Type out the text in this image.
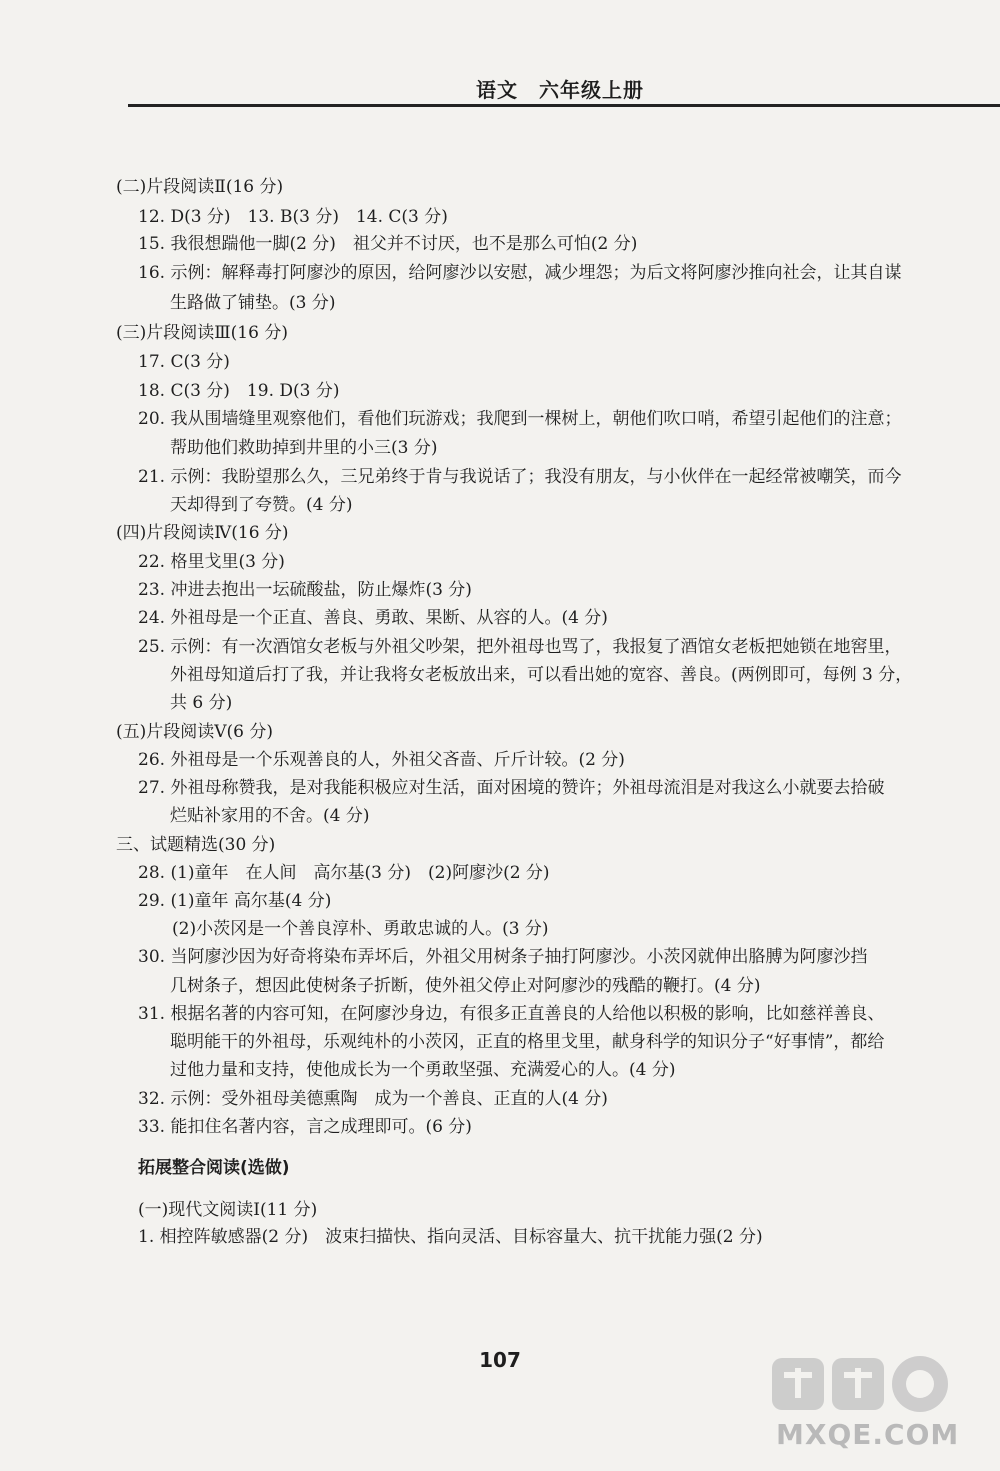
语文　六年级上册
(二)片段阅读Ⅱ(16 分)
12. D(3 分)　13. B(3 分)　14. C(3 分)
15. 我很想踹他一脚(2 分)　祖父并不讨厌，也不是那么可怕(2 分)
16. 示例：解释毒打阿廖沙的原因，给阿廖沙以安慰，减少埋怨；为后文将阿廖沙推向社会，让其自谋
生路做了铺垫。(3 分)
(三)片段阅读Ⅲ(16 分)
17. C(3 分)
18. C(3 分)　19. D(3 分)
20. 我从围墙缝里观察他们，看他们玩游戏；我爬到一棵树上，朝他们吹口哨，希望引起他们的注意；
帮助他们救助掉到井里的小三(3 分)
21. 示例：我盼望那么久，三兄弟终于肯与我说话了；我没有朋友，与小伙伴在一起经常被嘲笑，而今
天却得到了夸赞。(4 分)
(四)片段阅读Ⅳ(16 分)
22. 格里戈里(3 分)
23. 冲进去抱出一坛硫酸盐，防止爆炸(3 分)
24. 外祖母是一个正直、善良、勇敢、果断、从容的人。(4 分)
25. 示例：有一次酒馆女老板与外祖父吵架，把外祖母也骂了，我报复了酒馆女老板把她锁在地窖里，
外祖母知道后打了我，并让我将女老板放出来，可以看出她的宽容、善良。(两例即可，每例 3 分，
共 6 分)
(五)片段阅读Ⅴ(6 分)
26. 外祖母是一个乐观善良的人，外祖父吝啬、斤斤计较。(2 分)
27. 外祖母称赞我，是对我能积极应对生活，面对困境的赞许；外祖母流泪是对我这么小就要去拾破
烂贴补家用的不舍。(4 分)
三、试题精选(30 分)
28. (1)童年　在人间　高尔基(3 分)　(2)阿廖沙(2 分)
29. (1)童年 高尔基(4 分)
(2)小茨冈是一个善良淳朴、勇敢忠诚的人。(3 分)
30. 当阿廖沙因为好奇将染布弄坏后，外祖父用树条子抽打阿廖沙。小茨冈就伸出胳膊为阿廖沙挡
几树条子，想因此使树条子折断，使外祖父停止对阿廖沙的残酷的鞭打。(4 分)
31. 根据名著的内容可知，在阿廖沙身边，有很多正直善良的人给他以积极的影响，比如慈祥善良、
聪明能干的外祖母，乐观纯朴的小茨冈，正直的格里戈里，献身科学的知识分子“好事情”，都给
过他力量和支持，使他成长为一个勇敢坚强、充满爱心的人。(4 分)
32. 示例：受外祖母美德熏陶　成为一个善良、正直的人(4 分)
33. 能扣住名著内容，言之成理即可。(6 分)
拓展整合阅读(选做)
(一)现代文阅读Ⅰ(11 分)
1. 相控阵敏感器(2 分)　波束扫描快、指向灵活、目标容量大、抗干扰能力强(2 分)
107
MXQE.COM
